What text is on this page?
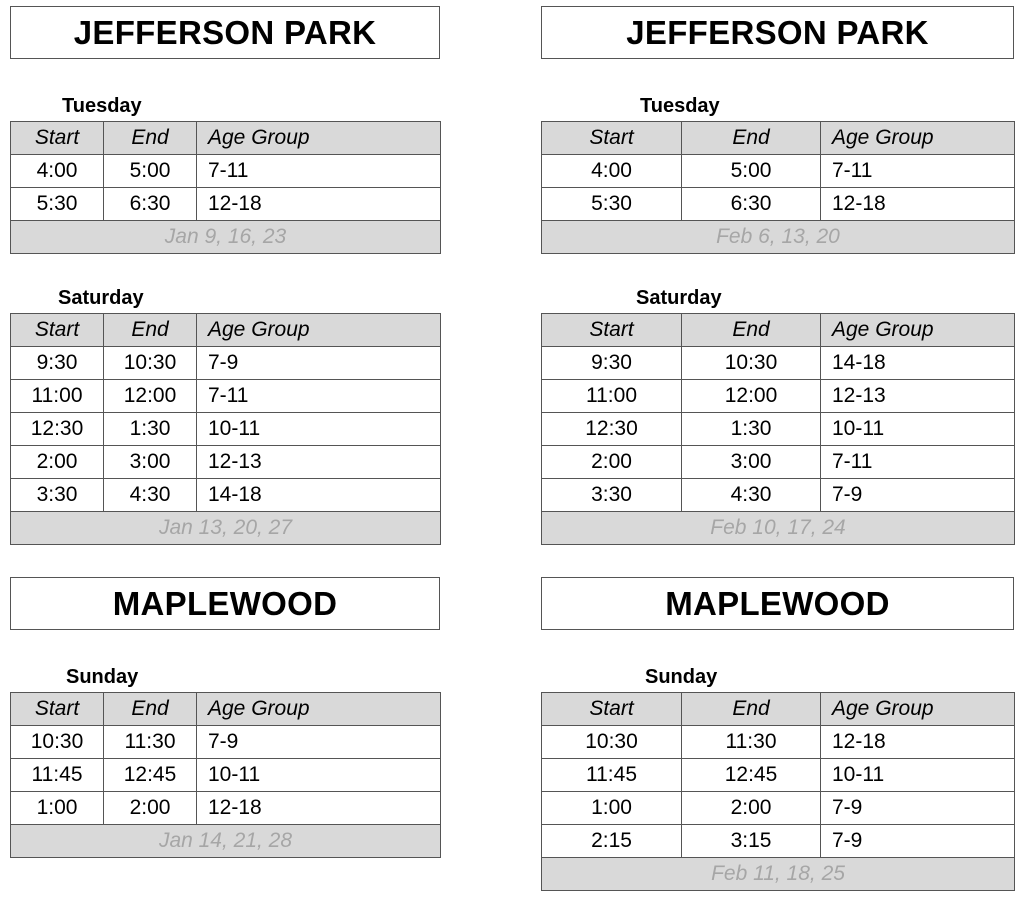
JEFFERSON PARK
Tuesday
Start	End	Age Group
4:00	5:00	7-11
5:30	6:30	12-18
Jan 9, 16, 23		
Saturday
Start	End	Age Group
9:30	10:30	7-9
11:00	12:00	7-11
12:30	1:30	10-11
2:00	3:00	12-13
3:30	4:30	14-18
Jan 13, 20, 27		
MAPLEWOOD
Sunday
Start	End	Age Group
10:30	11:30	7-9
11:45	12:45	10-11
1:00	2:00	12-18
Jan 14, 21, 28		
JEFFERSON PARK
Tuesday
Start	End	Age Group
4:00	5:00	7-11
5:30	6:30	12-18
Feb 6, 13, 20		
Saturday
Start	End	Age Group
9:30	10:30	14-18
11:00	12:00	12-13
12:30	1:30	10-11
2:00	3:00	7-11
3:30	4:30	7-9
Feb 10, 17, 24		
MAPLEWOOD
Sunday
Start	End	Age Group
10:30	11:30	12-18
11:45	12:45	10-11
1:00	2:00	7-9
2:15	3:15	7-9
Feb 11, 18, 25		
